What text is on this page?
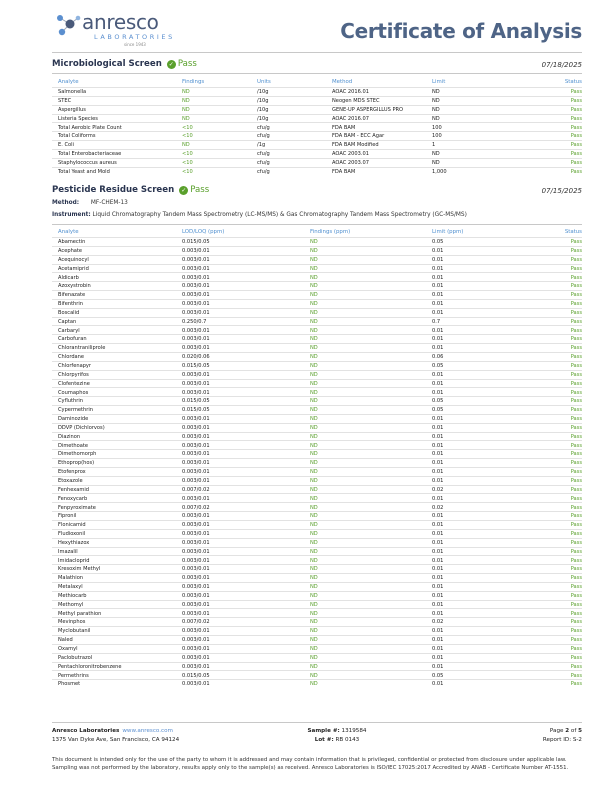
anresco
LABORATORIES
since 1943
Certificate of Analysis
Microbiological Screen	✓ Pass	07/18/2025
Analyte	Findings	Units	Method	Limit	Status
Salmonella	ND	/10g	AOAC 2016.01	ND	Pass
STEC	ND	/10g	Neogen MDS STEC	ND	Pass
Aspergillus	ND	/10g	GENE-UP ASPERGILLUS PRO	ND	Pass
Listeria Species	ND	/10g	AOAC 2016.07	ND	Pass
Total Aerobic Plate Count	<10	cfu/g	FDA BAM	100	Pass
Total Coliforms	<10	cfu/g	FDA BAM - ECC Agar	100	Pass
E. Coli	ND	/1g	FDA BAM Modified	1	Pass
Total Enterobacteriaceae	<10	cfu/g	AOAC 2003.01	ND	Pass
Staphylococcus aureus	<10	cfu/g	AOAC 2003.07	ND	Pass
Total Yeast and Mold	<10	cfu/g	FDA BAM	1,000	Pass
Pesticide Residue Screen	✓ Pass	07/15/2025
Method: MF-CHEM-13
Instrument: Liquid Chromatography Tandem Mass Spectrometry (LC-MS/MS) & Gas Chromatography Tandem Mass Spectrometry (GC-MS/MS)
Analyte	LOD/LOQ (ppm)	Findings (ppm)	Limit (ppm)	Status
Abamectin	0.015/0.05	ND	0.05	Pass
Acephate	0.003/0.01	ND	0.01	Pass
Acequinocyl	0.003/0.01	ND	0.01	Pass
Acetamiprid	0.003/0.01	ND	0.01	Pass
Aldicarb	0.003/0.01	ND	0.01	Pass
Azoxystrobin	0.003/0.01	ND	0.01	Pass
Bifenazate	0.003/0.01	ND	0.01	Pass
Bifenthrin	0.003/0.01	ND	0.01	Pass
Boscalid	0.003/0.01	ND	0.01	Pass
Captan	0.250/0.7	ND	0.7	Pass
Carbaryl	0.003/0.01	ND	0.01	Pass
Carbofuran	0.003/0.01	ND	0.01	Pass
Chlorantraniliprole	0.003/0.01	ND	0.01	Pass
Chlordane	0.020/0.06	ND	0.06	Pass
Chlorfenapyr	0.015/0.05	ND	0.05	Pass
Chlorpyrifos	0.003/0.01	ND	0.01	Pass
Clofentezine	0.003/0.01	ND	0.01	Pass
Coumaphos	0.003/0.01	ND	0.01	Pass
Cyfluthrin	0.015/0.05	ND	0.05	Pass
Cypermethrin	0.015/0.05	ND	0.05	Pass
Daminozide	0.003/0.01	ND	0.01	Pass
DDVP (Dichlorvos)	0.003/0.01	ND	0.01	Pass
Diazinon	0.003/0.01	ND	0.01	Pass
Dimethoate	0.003/0.01	ND	0.01	Pass
Dimethomorph	0.003/0.01	ND	0.01	Pass
Ethoprop(hos)	0.003/0.01	ND	0.01	Pass
Etofenprox	0.003/0.01	ND	0.01	Pass
Etoxazole	0.003/0.01	ND	0.01	Pass
Fenhexamid	0.007/0.02	ND	0.02	Pass
Fenoxycarb	0.003/0.01	ND	0.01	Pass
Fenpyroximate	0.007/0.02	ND	0.02	Pass
Fipronil	0.003/0.01	ND	0.01	Pass
Flonicamid	0.003/0.01	ND	0.01	Pass
Fludioxonil	0.003/0.01	ND	0.01	Pass
Hexythiazox	0.003/0.01	ND	0.01	Pass
Imazalil	0.003/0.01	ND	0.01	Pass
Imidacloprid	0.003/0.01	ND	0.01	Pass
Kresoxim Methyl	0.003/0.01	ND	0.01	Pass
Malathion	0.003/0.01	ND	0.01	Pass
Metalaxyl	0.003/0.01	ND	0.01	Pass
Methiocarb	0.003/0.01	ND	0.01	Pass
Methomyl	0.003/0.01	ND	0.01	Pass
Methyl parathion	0.003/0.01	ND	0.01	Pass
Mevinphos	0.007/0.02	ND	0.02	Pass
Myclobutanil	0.003/0.01	ND	0.01	Pass
Naled	0.003/0.01	ND	0.01	Pass
Oxamyl	0.003/0.01	ND	0.01	Pass
Paclobutrazol	0.003/0.01	ND	0.01	Pass
Pentachloronitrobenzene	0.003/0.01	ND	0.01	Pass
Permethrins	0.015/0.05	ND	0.05	Pass
Phosmet	0.003/0.01	ND	0.01	Pass
Anresco Laboratories www.anresco.com
1375 Van Dyke Ave, San Francisco, CA 94124
Sample #: 1319584
Lot #: RB 0143
Page 2 of 5
Report ID: S-2
This document is intended only for the use of the party to whom it is addressed and may contain information that is privileged, confidential or protected from disclosure under applicable law. Sampling was not performed by the laboratory, results apply only to the sample(s) as received. Anresco Laboratories is ISO/IEC 17025:2017 Accredited by ANAB - Certificate Number AT-1551.
